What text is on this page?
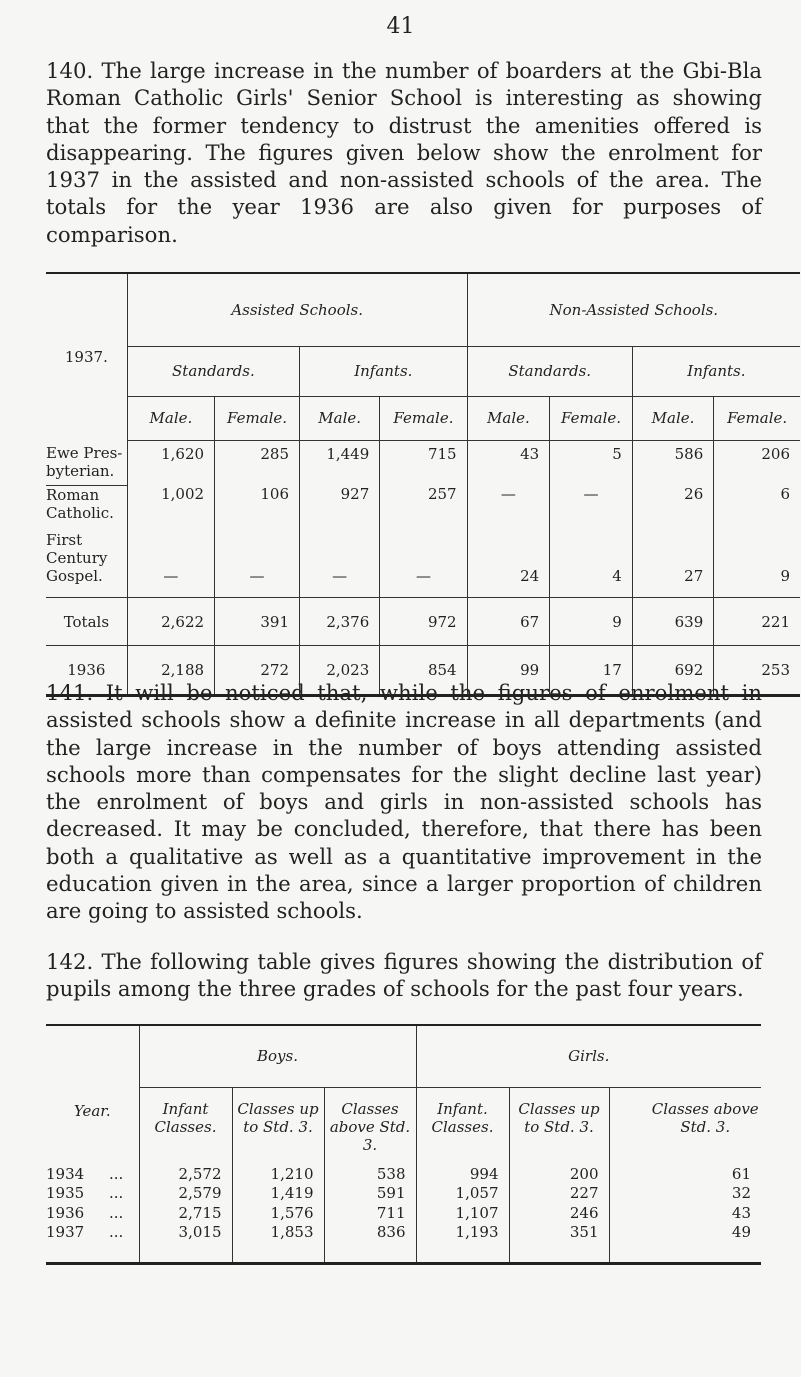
41

140. The large increase in the number of boarders at the Gbi-Bla Roman Catholic Girls' Senior School is interesting as showing that the former tendency to distrust the amenities offered is disappearing. The figures given below show the enrolment for 1937 in the assisted and non-assisted schools of the area. The totals for the year 1936 are also given for purposes of comparison.

1937.	Assisted Schools.				Non-Assisted Schools.			
	Standards.		Infants.		Standards.		Infants.	
	Male.	Female.	Male.	Female.	Male.	Female.	Male.	Female.
Ewe Pres-byterian.	1,620	285	1,449	715	43	5	586	206
Roman Catholic.	1,002	106	927	257	—	—	26	6
First Century Gospel.	—	—	—	—	24	4	27	9
Totals	2,622	391	2,376	972	67	9	639	221
1936	2,188	272	2,023	854	99	17	692	253

141. It will be noticed that, while the figures of enrolment in assisted schools show a definite increase in all departments (and the large increase in the number of boys attending assisted schools more than compensates for the slight decline last year) the enrolment of boys and girls in non-assisted schools has decreased. It may be concluded, therefore, that there has been both a qualitative as well as a quantitative improvement in the education given in the area, since a larger proportion of children are going to assisted schools.

142. The following table gives figures showing the distribution of pupils among the three grades of schools for the past four years.

Year.	Boys.			Girls.		
	Infant Classes.	Classes up to Std. 3.	Classes above Std. 3.	Infant. Classes.	Classes up to Std. 3.	Classes above Std. 3.
1934 ...	2,572	1,210	538	994	200	61
1935 ...	2,579	1,419	591	1,057	227	32
1936 ...	2,715	1,576	711	1,107	246	43
1937 ...	3,015	1,853	836	1,193	351	49
